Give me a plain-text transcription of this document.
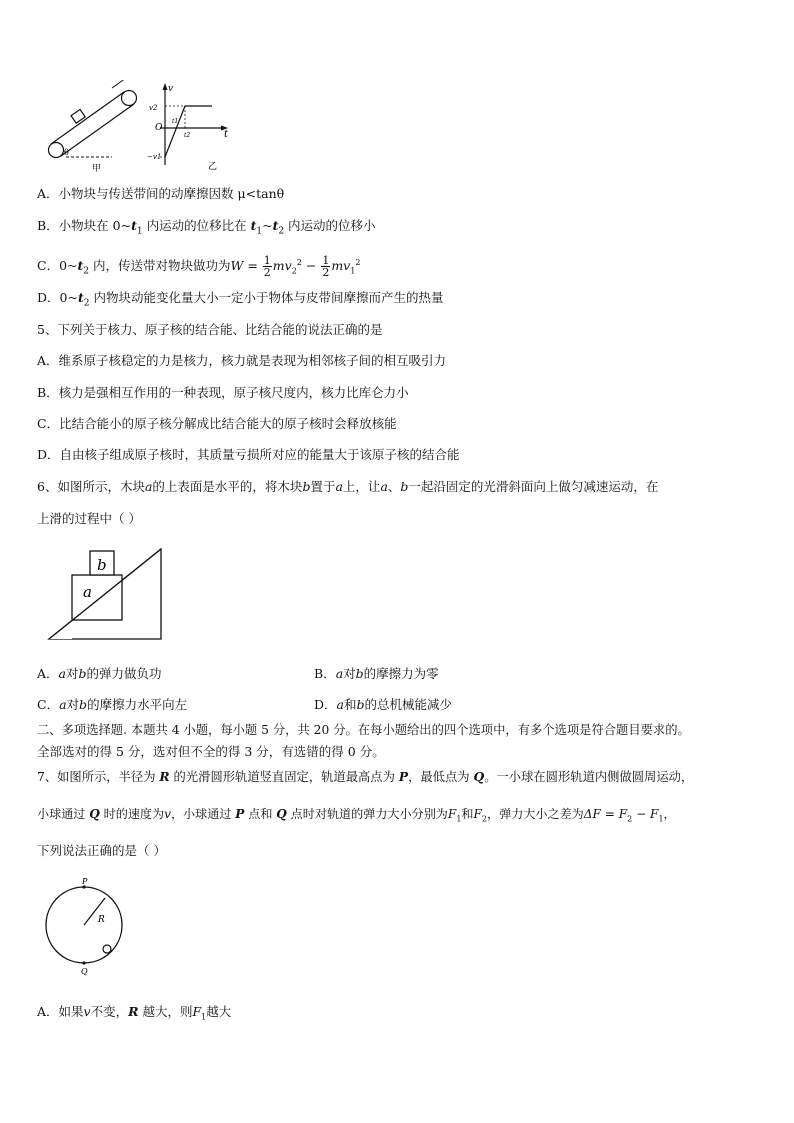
θ
甲
v
t
v2
O
−v1
t1
t2
乙
A．小物块与传送带间的动摩擦因数 μ<tanθ
B．小物块在 $0\sim t_1$ 内运动的位移比在 $t_1\sim t_2$ 内运动的位移小
C．$0\sim t_2$ 内，传送带对物块做功为$W = \frac{1}{2} mv_2^2 - \frac{1}{2} mv_1^2$
D．$0\sim t_2$ 内物块动能变化量大小一定小于物体与皮带间摩擦而产生的热量
5、下列关于核力、原子核的结合能、比结合能的说法正确的是
A．维系原子核稳定的力是核力，核力就是表现为相邻核子间的相互吸引力
B．核力是强相互作用的一种表现，原子核尺度内，核力比库仑力小
C．比结合能小的原子核分解成比结合能大的原子核时会释放核能
D．自由核子组成原子核时，其质量亏损所对应的能量大于该原子核的结合能
6、如图所示，木块a的上表面是水平的，将木块b置于a上，让a、b一起沿固定的光滑斜面向上做匀减速运动，在
上滑的过程中（ ）
b
a
A．a对b的弹力做负功	B．a对b的摩擦力为零
C．a对b的摩擦力水平向左	D．a和b的总机械能减少
二、多项选择题. 本题共 4 小题，每小题 5 分，共 20 分。在每小题给出的四个选项中，有多个选项是符合题目要求的。
全部选对的得 5 分，选对但不全的得 3 分，有选错的得 0 分。
7、如图所示，半径为 R 的光滑圆形轨道竖直固定，轨道最高点为 P，最低点为 Q。一小球在圆形轨道内侧做圆周运动，
小球通过 Q 时的速度为v，小球通过 P 点和 Q 点时对轨道的弹力大小分别为$F_1$和$F_2$，弹力大小之差为$\Delta F = F_2 - F_1$，
下列说法正确的是（ ）
P
R
Q
A．如果v不变，R 越大，则$F_1$越大
